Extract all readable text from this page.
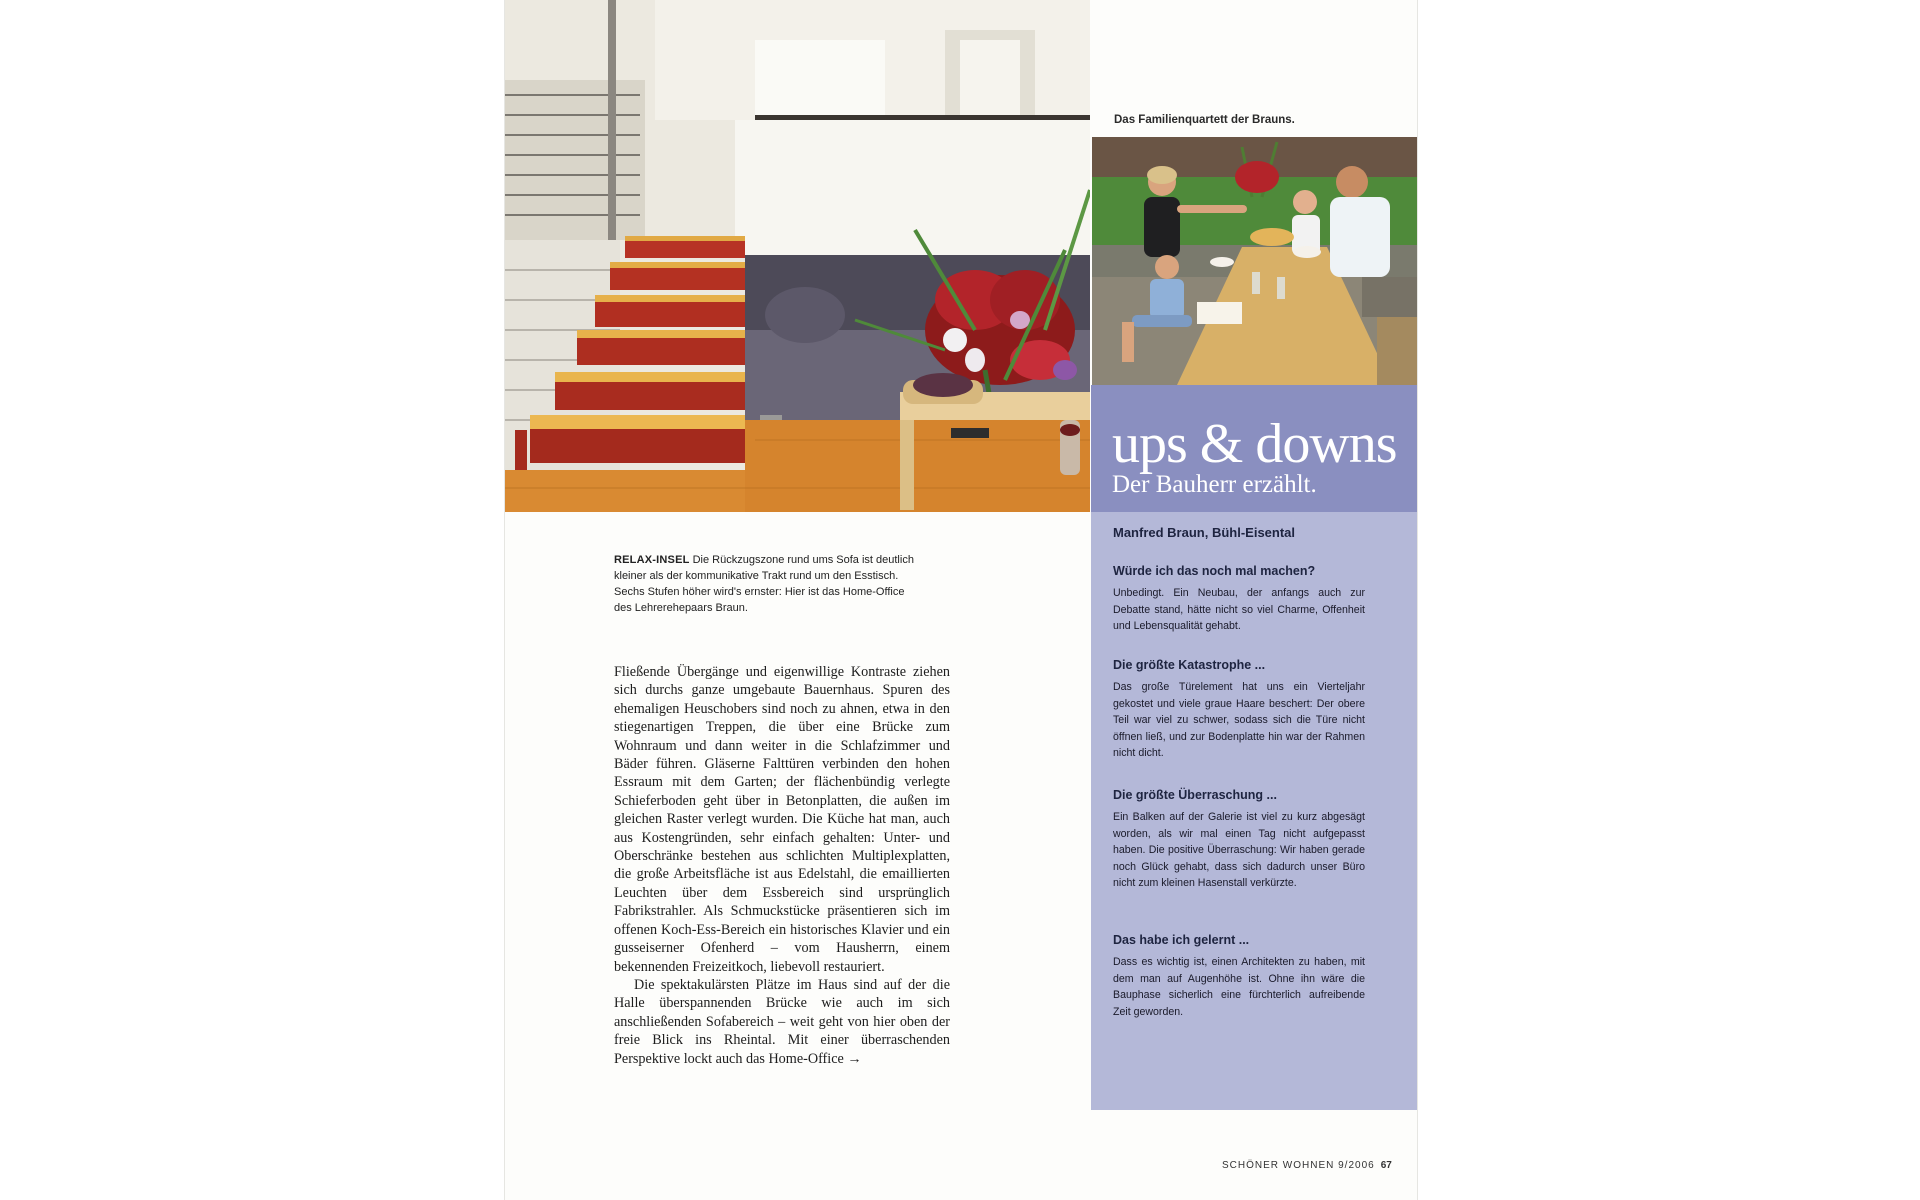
RELAX-INSEL Die Rückzugszone rund ums Sofa ist deutlich kleiner als der kommunikative Trakt rund um den Esstisch. Sechs Stufen höher wird's ernster: Hier ist das Home-Office des Lehrerehepaars Braun.

Fließende Übergänge und eigenwillige Kontraste ziehen sich durchs ganze umgebaute Bauernhaus. Spuren des ehemaligen Heuschobers sind noch zu ahnen, etwa in den stiegenartigen Treppen, die über eine Brücke zum Wohnraum und dann weiter in die Schlafzimmer und Bäder führen. Gläserne Falttüren verbinden den hohen Essraum mit dem Garten; der flächenbündig verlegte Schieferboden geht über in Betonplatten, die außen im gleichen Raster verlegt wurden. Die Küche hat man, auch aus Kostengründen, sehr einfach gehalten: Unter- und Oberschränke bestehen aus schlichten Multiplexplatten, die große Arbeitsfläche ist aus Edelstahl, die emaillierten Leuchten über dem Essbereich sind ursprünglich Fabrikstrahler. Als Schmuckstücke präsentieren sich im offenen Koch-Ess-Bereich ein historisches Klavier und ein gusseiserner Ofenherd – vom Hausherrn, einem bekennenden Freizeitkoch, liebevoll restauriert.

Die spektakulärsten Plätze im Haus sind auf der die Halle überspannenden Brücke wie auch im sich anschließenden Sofabereich – weit geht von hier oben der freie Blick ins Rheintal. Mit einer überraschenden Perspektive lockt auch das Home-Office →

Das Familienquartett der Brauns.
ups & downs
Der Bauherr erzählt.
Manfred Braun, Bühl-Eisental
Würde ich das noch mal machen?
Unbedingt. Ein Neubau, der anfangs auch zur Debatte stand, hätte nicht so viel Charme, Offenheit und Lebensqualität gehabt.
Die größte Katastrophe ...
Das große Türelement hat uns ein Vierteljahr gekostet und viele graue Haare beschert: Der obere Teil war viel zu schwer, sodass sich die Türe nicht öffnen ließ, und zur Bodenplatte hin war der Rahmen nicht dicht.
Die größte Überraschung ...
Ein Balken auf der Galerie ist viel zu kurz abgesägt worden, als wir mal einen Tag nicht aufgepasst haben. Die positive Überraschung: Wir haben gerade noch Glück gehabt, dass sich dadurch unser Büro nicht zum kleinen Hasenstall verkürzte.
Das habe ich gelernt ...
Dass es wichtig ist, einen Architekten zu haben, mit dem man auf Augenhöhe ist. Ohne ihn wäre die Bauphase sicherlich eine fürchterlich aufreibende Zeit geworden.
SCHÖNER WOHNEN 9/2006 67
